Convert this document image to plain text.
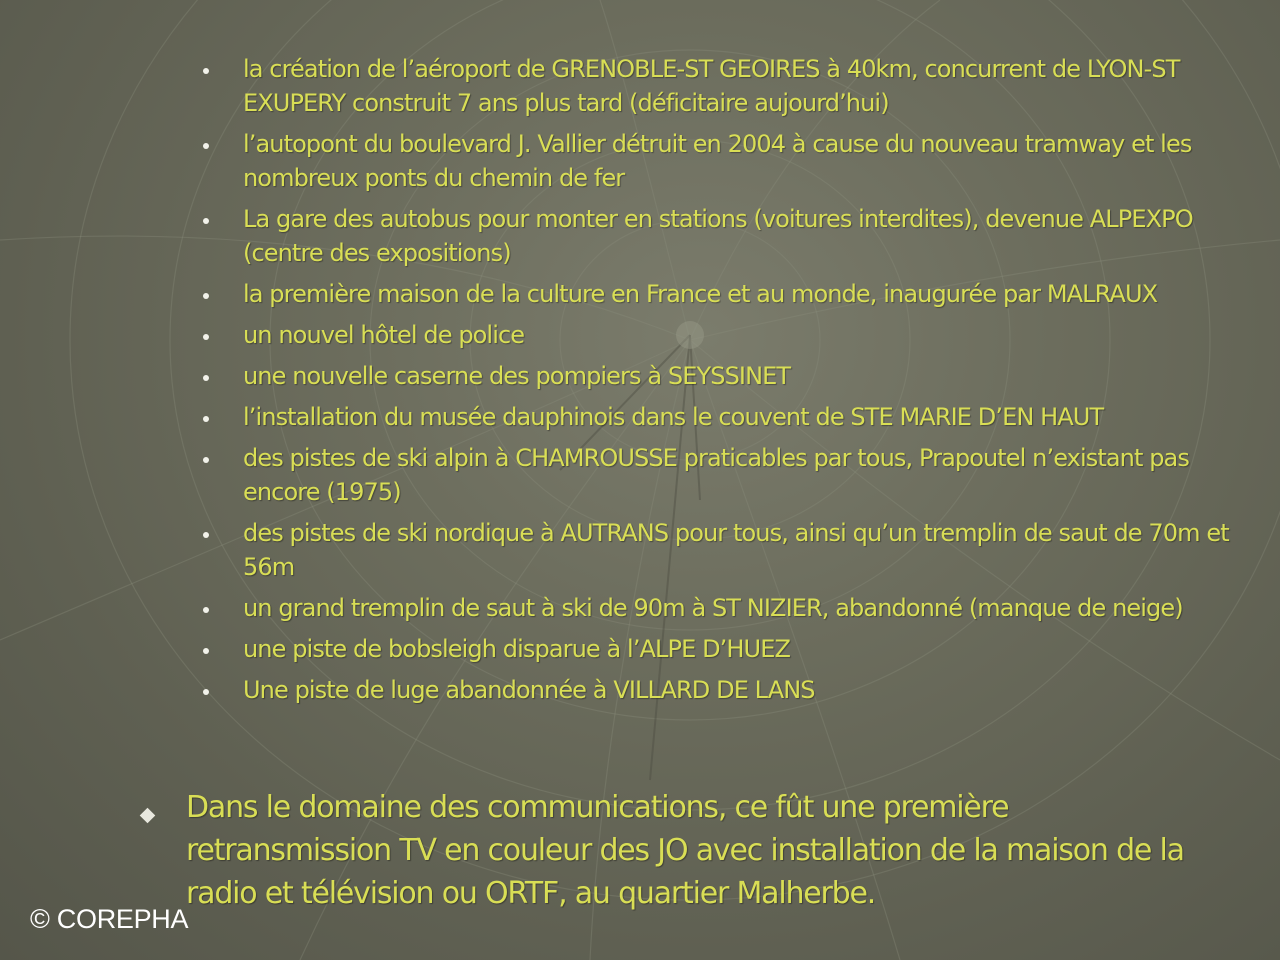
la création de l’aéroport de GRENOBLE-ST GEOIRES à 40km, concurrent de LYON-ST EXUPERY construit 7 ans plus tard (déficitaire aujourd’hui)
l’autopont du boulevard J. Vallier détruit en 2004 à cause du nouveau tramway et les nombreux ponts du chemin de fer
La gare des autobus pour monter en stations (voitures interdites), devenue ALPEXPO (centre des expositions)
la première maison de la culture en France et au monde, inaugurée par MALRAUX
un nouvel hôtel de police
une nouvelle caserne des pompiers à SEYSSINET
l’installation du musée dauphinois dans le couvent de STE MARIE D’EN HAUT
des pistes de ski alpin à CHAMROUSSE praticables par tous, Prapoutel n’existant pas encore (1975)
des pistes de ski nordique à AUTRANS pour tous, ainsi qu’un tremplin de saut de 70m et 56m
un grand tremplin de saut à ski de 90m à ST NIZIER, abandonné (manque de neige)
une piste de bobsleigh disparue à l’ALPE D’HUEZ
Une piste de luge abandonnée à VILLARD DE LANS
Dans le domaine des communications, ce fût une première retransmission TV en couleur des JO avec installation de la maison de la radio et télévision ou ORTF, au quartier Malherbe.
© COREPHA
